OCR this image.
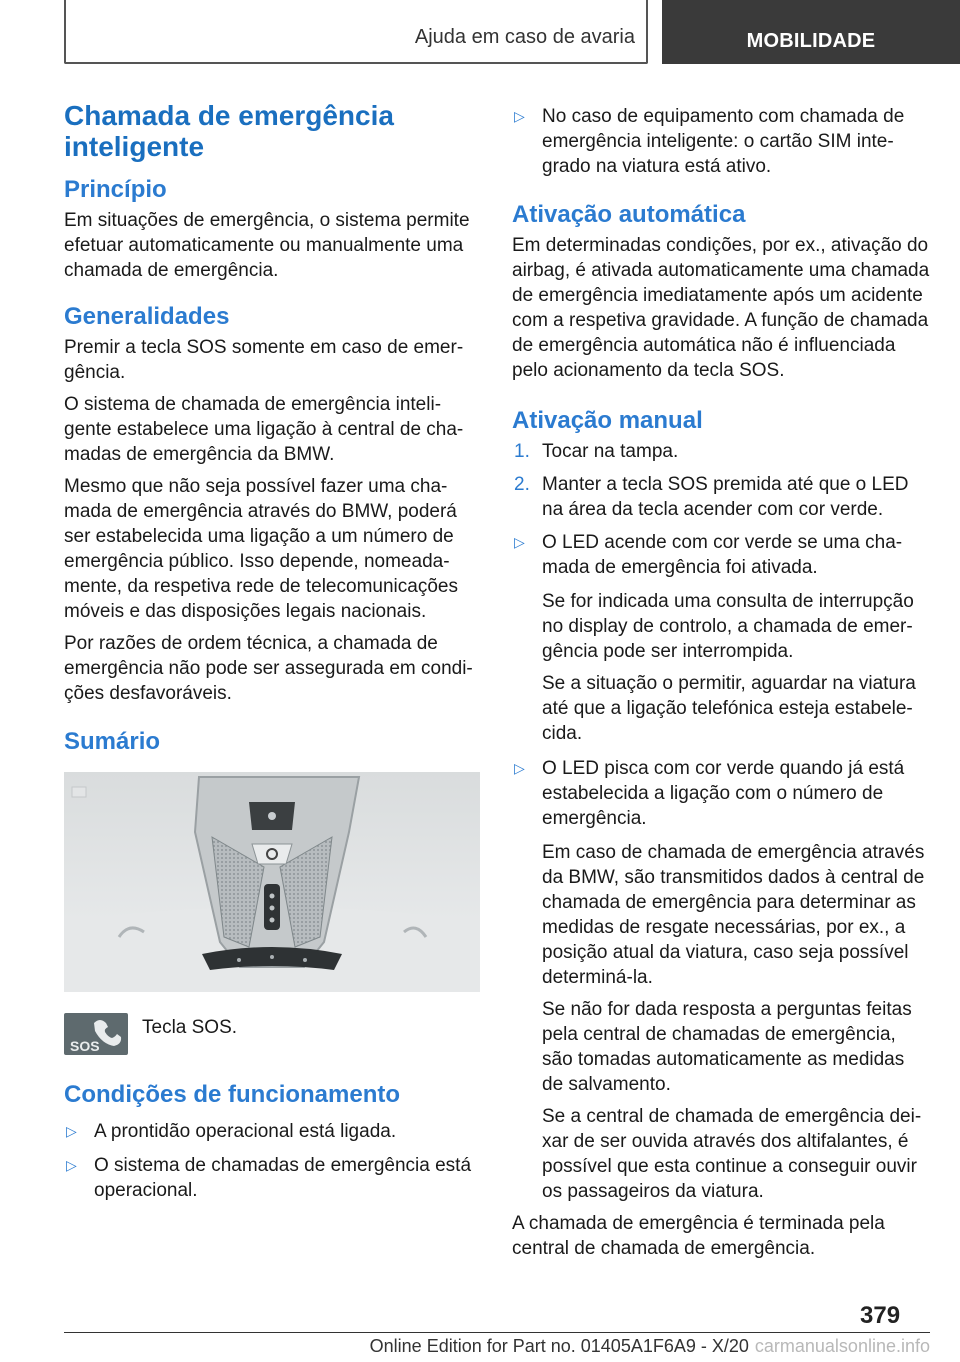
Ajuda em caso de avaria	MOBILIDADE
Chamada de emergência inteligente
Princípio

Em situações de emergência, o sistema permite efetuar automaticamente ou manualmente uma chamada de emergência.

Generalidades

Premir a tecla SOS somente em caso de emer‐gência.

O sistema de chamada de emergência inteli‐gente estabelece uma ligação à central de cha‐madas de emergência da BMW.

Mesmo que não seja possível fazer uma cha‐mada de emergência através do BMW, poderá ser estabelecida uma ligação a um número de emergência público. Isso depende, nomeada‐mente, da respetiva rede de telecomunicações móveis e das disposições legais nacionais.

Por razões de ordem técnica, a chamada de emergência não pode ser assegurada em condi‐ções desfavoráveis.

Sumário
SOS
Tecla SOS.
Condições de funcionamento
▷ A prontidão operacional está ligada.
▷ O sistema de chamadas de emergência está operacional.
▷ No caso de equipamento com chamada de emergência inteligente: o cartão SIM inte‐grado na viatura está ativo.
Ativação automática

Em determinadas condições, por ex., ativação do airbag, é ativada automaticamente uma chamada de emergência imediatamente após um acidente com a respetiva gravidade. A função de chamada de emergência automática não é influenciada pelo acionamento da tecla SOS.

Ativação manual
1. Tocar na tampa.
2. Manter a tecla SOS premida até que o LED na área da tecla acender com cor verde.
▷ O LED acende com cor verde se uma cha‐mada de emergência foi ativada.

Se for indicada uma consulta de interrupção no display de controlo, a chamada de emer‐gência pode ser interrompida.

Se a situação o permitir, aguardar na viatura até que a ligação telefónica esteja estabele‐cida.

▷ O LED pisca com cor verde quando já está estabelecida a ligação com o número de emergência.

Em caso de chamada de emergência através da BMW, são transmitidos dados à central de chamada de emergência para determinar as medidas de resgate necessárias, por ex., a posição atual da viatura, caso seja possível determiná-la.

Se não for dada resposta a perguntas feitas pela central de chamadas de emergência, são tomadas automaticamente as medidas de salvamento.

Se a central de chamada de emergência dei‐xar de ser ouvida através dos altifalantes, é possível que esta continue a conseguir ouvir os passageiros da viatura.

A chamada de emergência é terminada pela central de chamada de emergência.

379
Online Edition for Part no. 01405A1F6A9 - X/20 carmanualsonline.info
